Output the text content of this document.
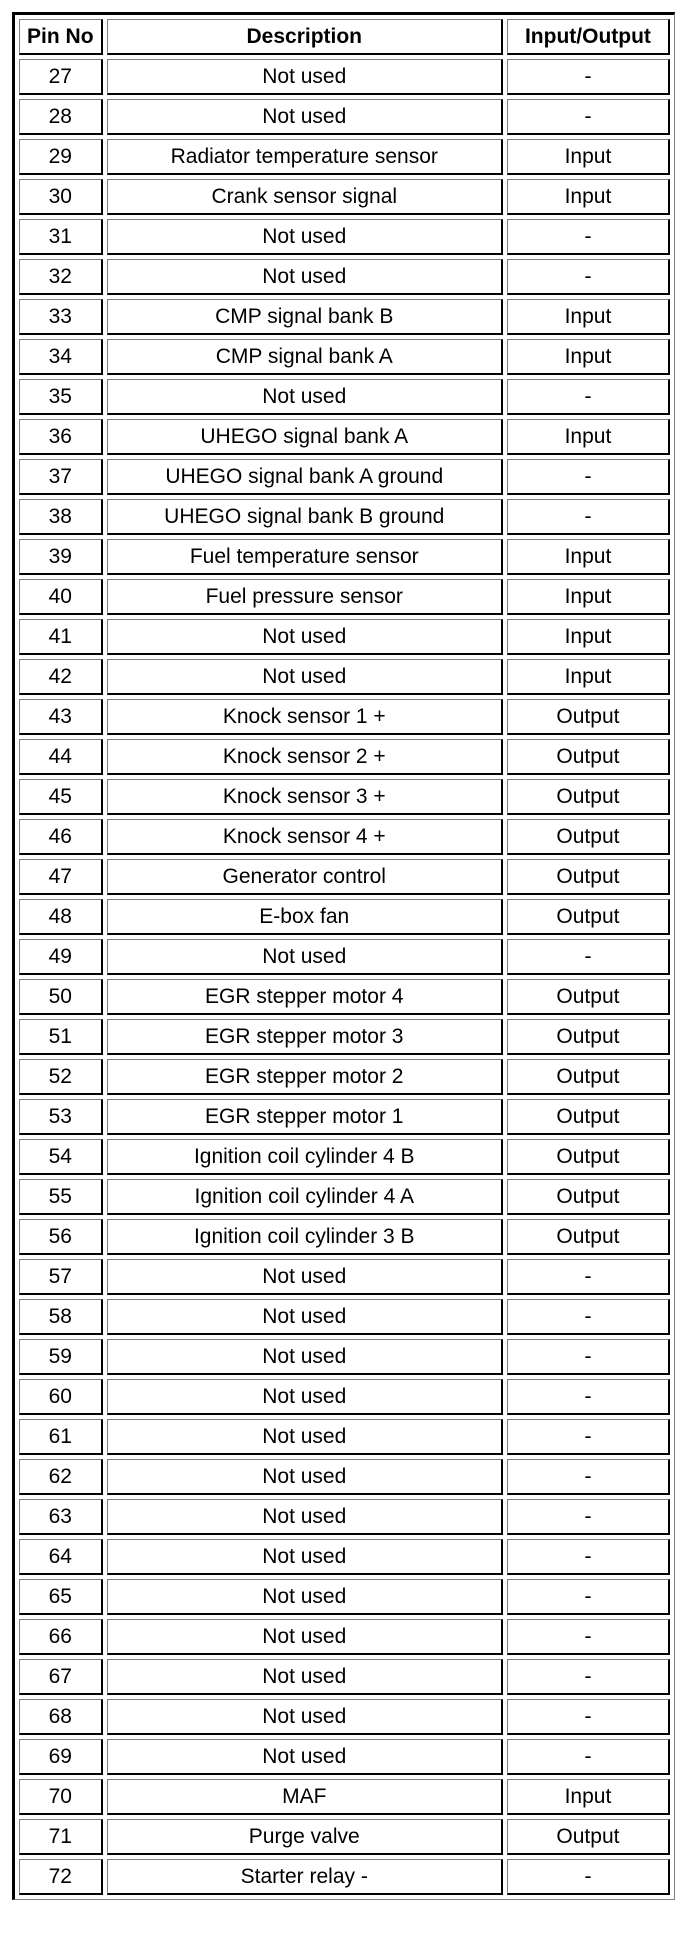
Pin No	Description	Input/Output
27	Not used	-
28	Not used	-
29	Radiator temperature sensor	Input
30	Crank sensor signal	Input
31	Not used	-
32	Not used	-
33	CMP signal bank B	Input
34	CMP signal bank A	Input
35	Not used	-
36	UHEGO signal bank A	Input
37	UHEGO signal bank A ground	-
38	UHEGO signal bank B ground	-
39	Fuel temperature sensor	Input
40	Fuel pressure sensor	Input
41	Not used	Input
42	Not used	Input
43	Knock sensor 1 +	Output
44	Knock sensor 2 +	Output
45	Knock sensor 3 +	Output
46	Knock sensor 4 +	Output
47	Generator control	Output
48	E-box fan	Output
49	Not used	-
50	EGR stepper motor 4	Output
51	EGR stepper motor 3	Output
52	EGR stepper motor 2	Output
53	EGR stepper motor 1	Output
54	Ignition coil cylinder 4 B	Output
55	Ignition coil cylinder 4 A	Output
56	Ignition coil cylinder 3 B	Output
57	Not used	-
58	Not used	-
59	Not used	-
60	Not used	-
61	Not used	-
62	Not used	-
63	Not used	-
64	Not used	-
65	Not used	-
66	Not used	-
67	Not used	-
68	Not used	-
69	Not used	-
70	MAF	Input
71	Purge valve	Output
72	Starter relay -	-
